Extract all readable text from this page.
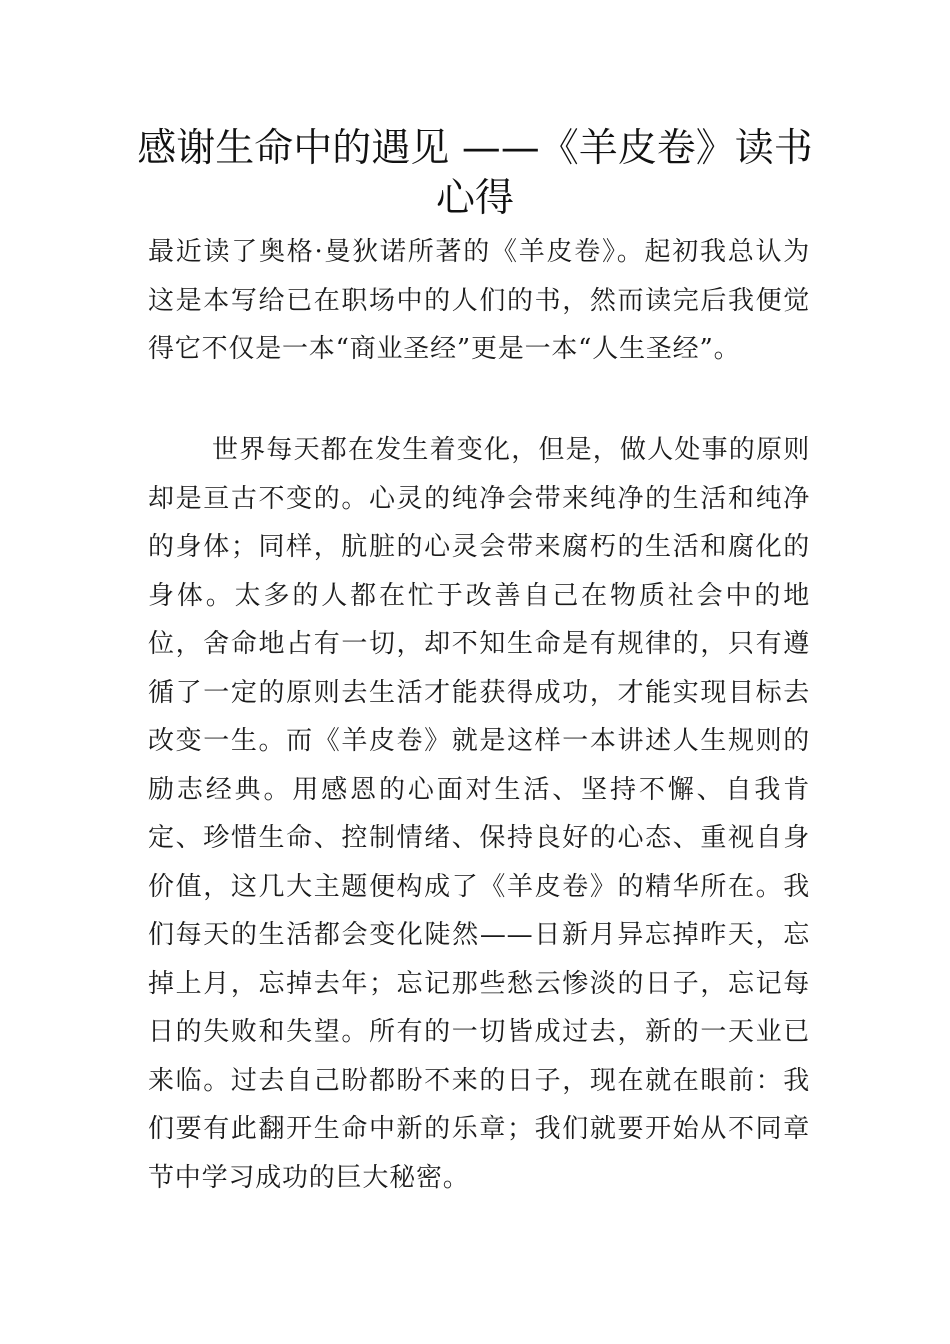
感谢生命中的遇见 ——《羊皮卷》读书心得

最近读了奥格·曼狄诺所著的《羊皮卷》。起初我总认为这是本写给已在职场中的人们的书，然而读完后我便觉得它不仅是一本“商业圣经”更是一本“人生圣经”。

世界每天都在发生着变化，但是，做人处事的原则却是亘古不变的。心灵的纯净会带来纯净的生活和纯净的身体；同样，肮脏的心灵会带来腐朽的生活和腐化的身体。太多的人都在忙于改善自己在物质社会中的地位，舍命地占有一切，却不知生命是有规律的，只有遵循了一定的原则去生活才能获得成功，才能实现目标去改变一生。而《羊皮卷》就是这样一本讲述人生规则的励志经典。用感恩的心面对生活、坚持不懈、自我肯定、珍惜生命、控制情绪、保持良好的心态、重视自身价值，这几大主题便构成了《羊皮卷》的精华所在。我们每天的生活都会变化陡然——日新月异忘掉昨天，忘掉上月，忘掉去年；忘记那些愁云惨淡的日子，忘记每日的失败和失望。所有的一切皆成过去，新的一天业已来临。过去自己盼都盼不来的日子，现在就在眼前：我们要有此翻开生命中新的乐章；我们就要开始从不同章节中学习成功的巨大秘密。
